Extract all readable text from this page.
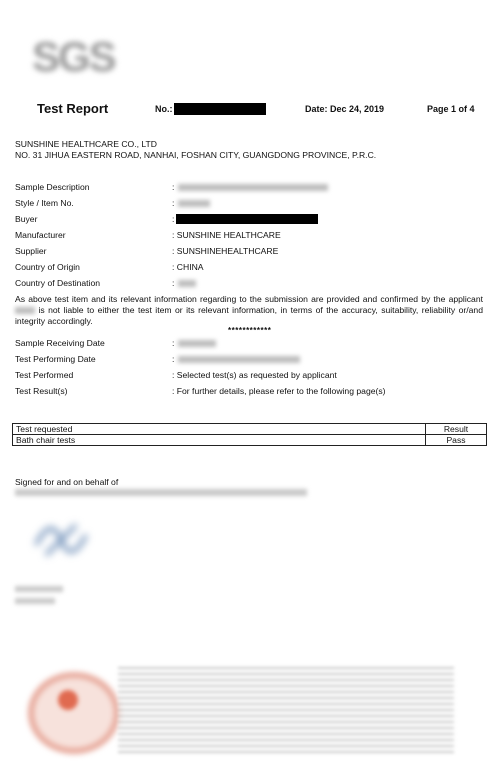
SGS
Test Report	No.:	Date: Dec 24, 2019	Page 1 of 4
SUNSHINE HEALTHCARE CO., LTD
NO. 31 JIHUA EASTERN ROAD, NANHAI, FOSHAN CITY, GUANGDONG PROVINCE, P.R.C.
Sample Description	:
Style / Item No.	:
Buyer	:
Manufacturer	: SUNSHINE HEALTHCARE
Supplier	: SUNSHINEHEALTHCARE
Country of Origin	: CHINA
Country of Destination	:
As above test item and its relevant information regarding to the submission are provided and confirmed by the applicant  is not liable to either the test item or its relevant information, in terms of the accuracy, suitability, reliability or/and integrity accordingly.
************
Sample Receiving Date	:
Test Performing Date	:
Test Performed	: Selected test(s) as requested by applicant
Test Result(s)	: For further details, please refer to the following page(s)
Test requested	Result
Bath chair tests	Pass
Signed for and on behalf of
